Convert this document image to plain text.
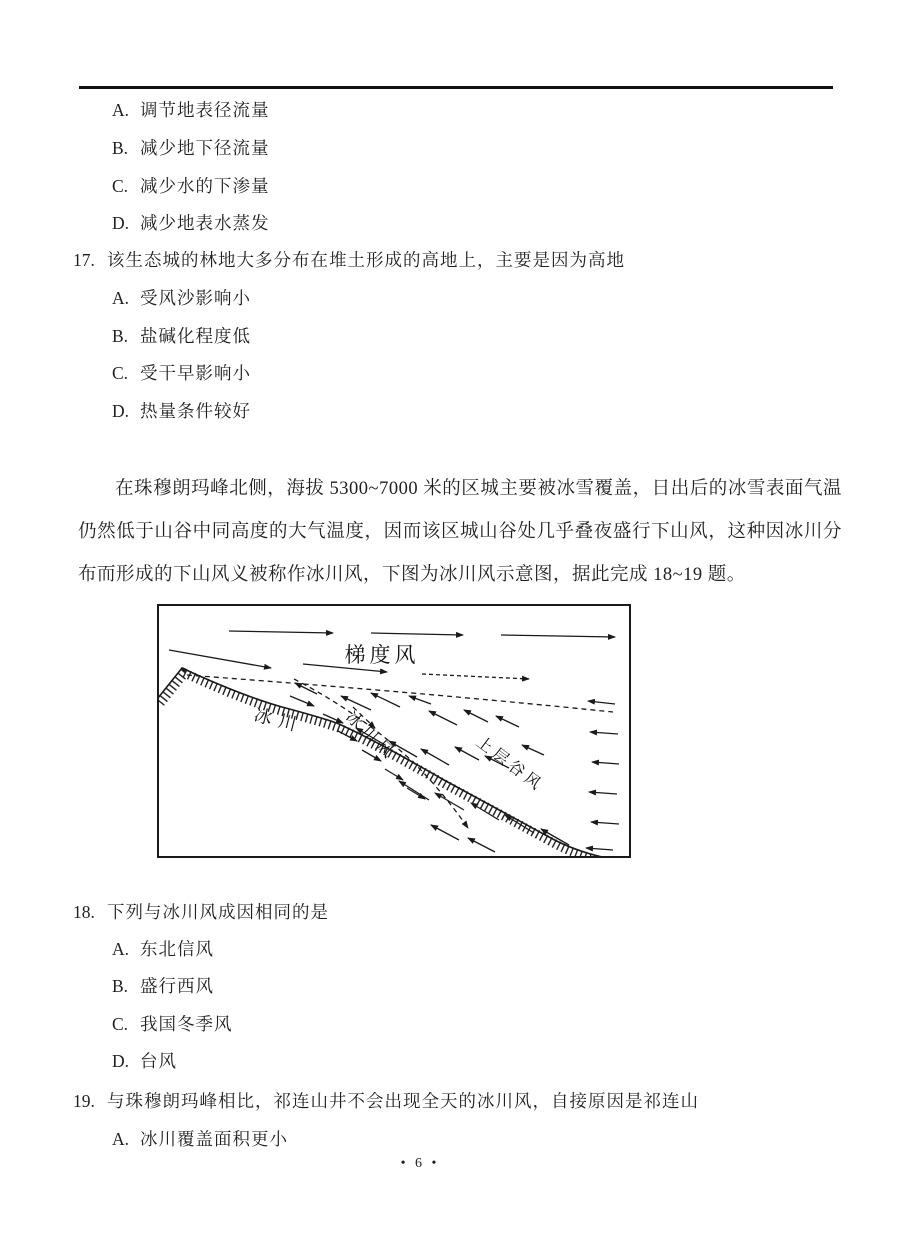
A. 调节地表径流量
B. 减少地下径流量
C. 减少水的下渗量
D. 减少地表水蒸发
17. 该生态城的林地大多分布在堆土形成的高地上，主要是因为高地
A. 受风沙影响小
B. 盐碱化程度低
C. 受干早影响小
D. 热量条件较好
在珠穆朗玛峰北侧，海拔 5300~7000 米的区城主要被冰雪覆盖，日出后的冰雪表面气温仍然低于山谷中同高度的大气温度，因而该区城山谷处几乎叠夜盛行下山风，这种因冰川分布而形成的下山风义被称作冰川风，下图为冰川风示意图，据此完成 18~19 题。
梯度风
冰川 冰川风	上层谷风
18. 下列与冰川风成因相同的是
A. 东北信风
B. 盛行西风
C. 我国冬季风
D. 台风
19. 与珠穆朗玛峰相比，祁连山井不会出现全天的冰川风，自接原因是祁连山
A. 冰川覆盖面积更小
• 6 •
